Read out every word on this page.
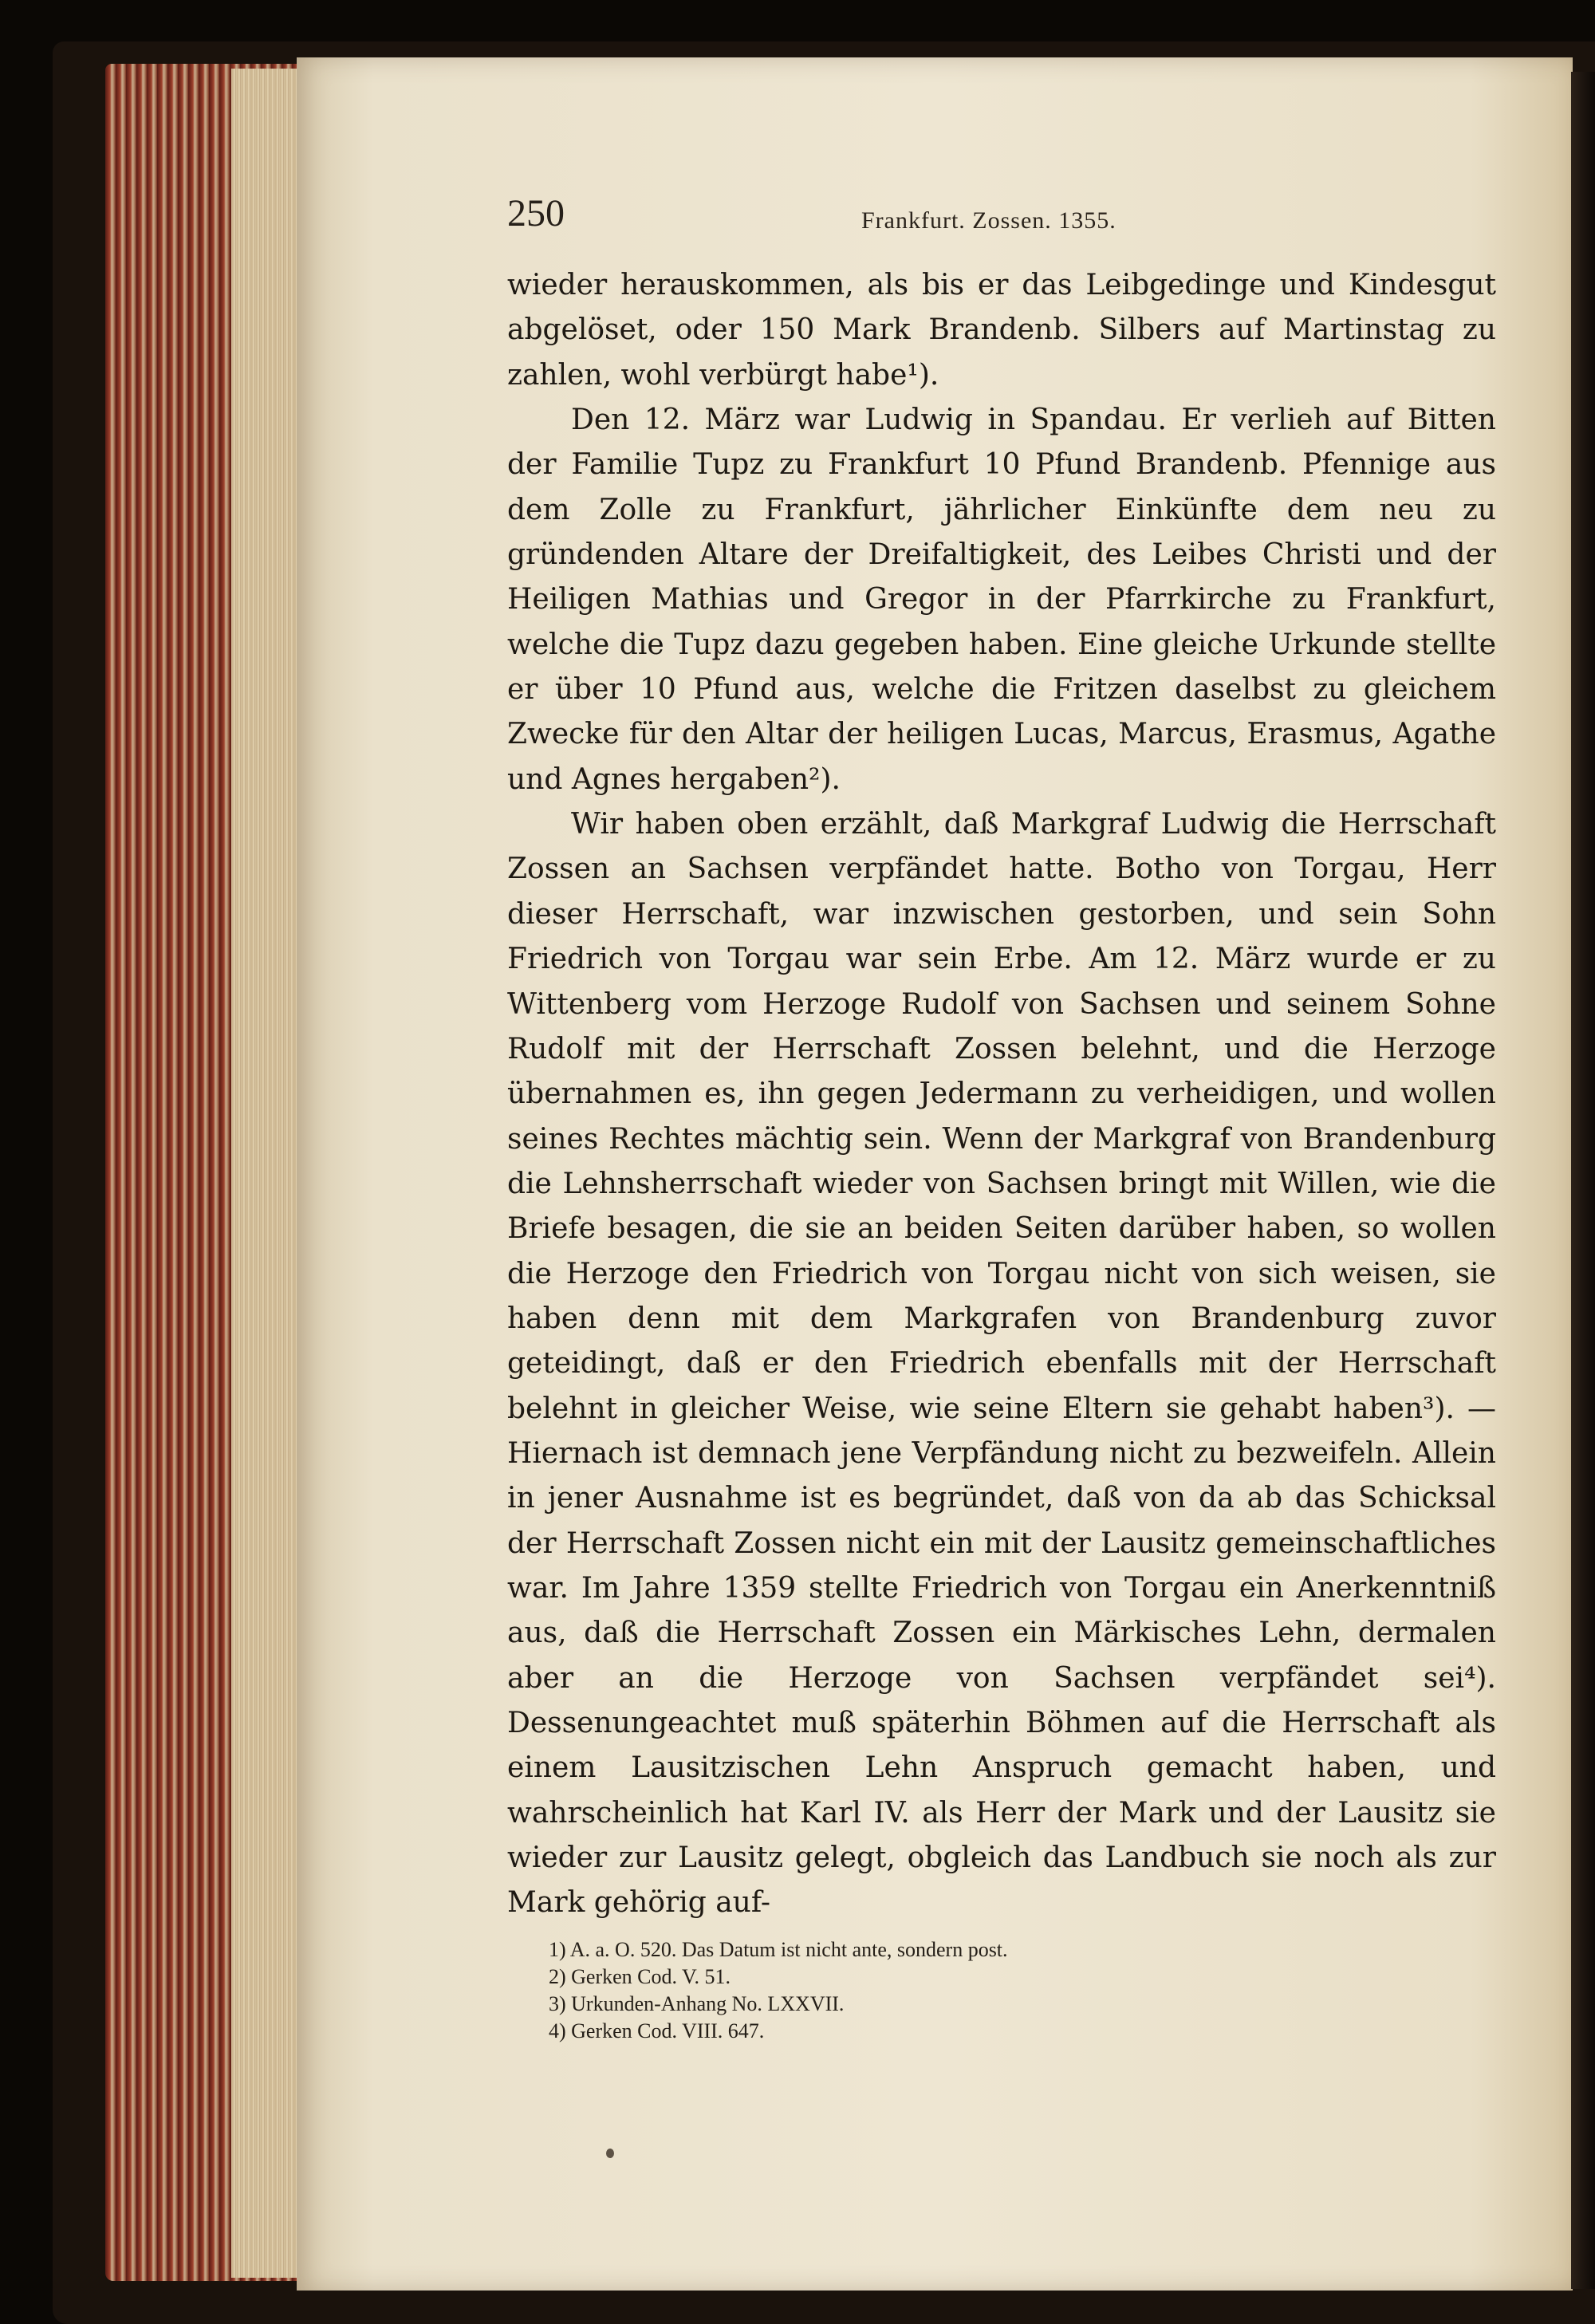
250	Frankfurt. Zossen. 1355.

wieder herauskommen, als bis er das Leibgedinge und Kindesgut abgelöset, oder 150 Mark Brandenb. Silbers auf Martinstag zu zahlen, wohl verbürgt habe¹).

Den 12. März war Ludwig in Spandau. Er verlieh auf Bitten der Familie Tupz zu Frankfurt 10 Pfund Brandenb. Pfennige aus dem Zolle zu Frankfurt, jährlicher Einkünfte dem neu zu gründenden Altare der Dreifaltigkeit, des Leibes Christi und der Heiligen Mathias und Gregor in der Pfarrkirche zu Frankfurt, welche die Tupz dazu gegeben haben. Eine gleiche Urkunde stellte er über 10 Pfund aus, welche die Fritzen daselbst zu gleichem Zwecke für den Altar der heiligen Lucas, Marcus, Erasmus, Agathe und Agnes hergaben²).

Wir haben oben erzählt, daß Markgraf Ludwig die Herrschaft Zossen an Sachsen verpfändet hatte. Botho von Torgau, Herr dieser Herrschaft, war inzwischen gestorben, und sein Sohn Friedrich von Torgau war sein Erbe. Am 12. März wurde er zu Wittenberg vom Herzoge Rudolf von Sachsen und seinem Sohne Rudolf mit der Herrschaft Zossen belehnt, und die Herzoge übernahmen es, ihn gegen Jedermann zu verheidigen, und wollen seines Rechtes mächtig sein. Wenn der Markgraf von Brandenburg die Lehnsherrschaft wieder von Sachsen bringt mit Willen, wie die Briefe besagen, die sie an beiden Seiten darüber haben, so wollen die Herzoge den Friedrich von Torgau nicht von sich weisen, sie haben denn mit dem Markgrafen von Brandenburg zuvor geteidingt, daß er den Friedrich ebenfalls mit der Herrschaft belehnt in gleicher Weise, wie seine Eltern sie gehabt haben³). — Hiernach ist demnach jene Verpfändung nicht zu bezweifeln. Allein in jener Ausnahme ist es begründet, daß von da ab das Schicksal der Herrschaft Zossen nicht ein mit der Lausitz gemeinschaftliches war. Im Jahre 1359 stellte Friedrich von Torgau ein Anerkenntniß aus, daß die Herrschaft Zossen ein Märkisches Lehn, dermalen aber an die Herzoge von Sachsen verpfändet sei⁴). Dessenungeachtet muß späterhin Böhmen auf die Herrschaft als einem Lausitzischen Lehn Anspruch gemacht haben, und wahrscheinlich hat Karl IV. als Herr der Mark und der Lausitz sie wieder zur Lausitz gelegt, obgleich das Landbuch sie noch als zur Mark gehörig auf-

1) A. a. O. 520. Das Datum ist nicht ante, sondern post.
2) Gerken Cod. V. 51.
3) Urkunden-Anhang No. LXXVII.
4) Gerken Cod. VIII. 647.
